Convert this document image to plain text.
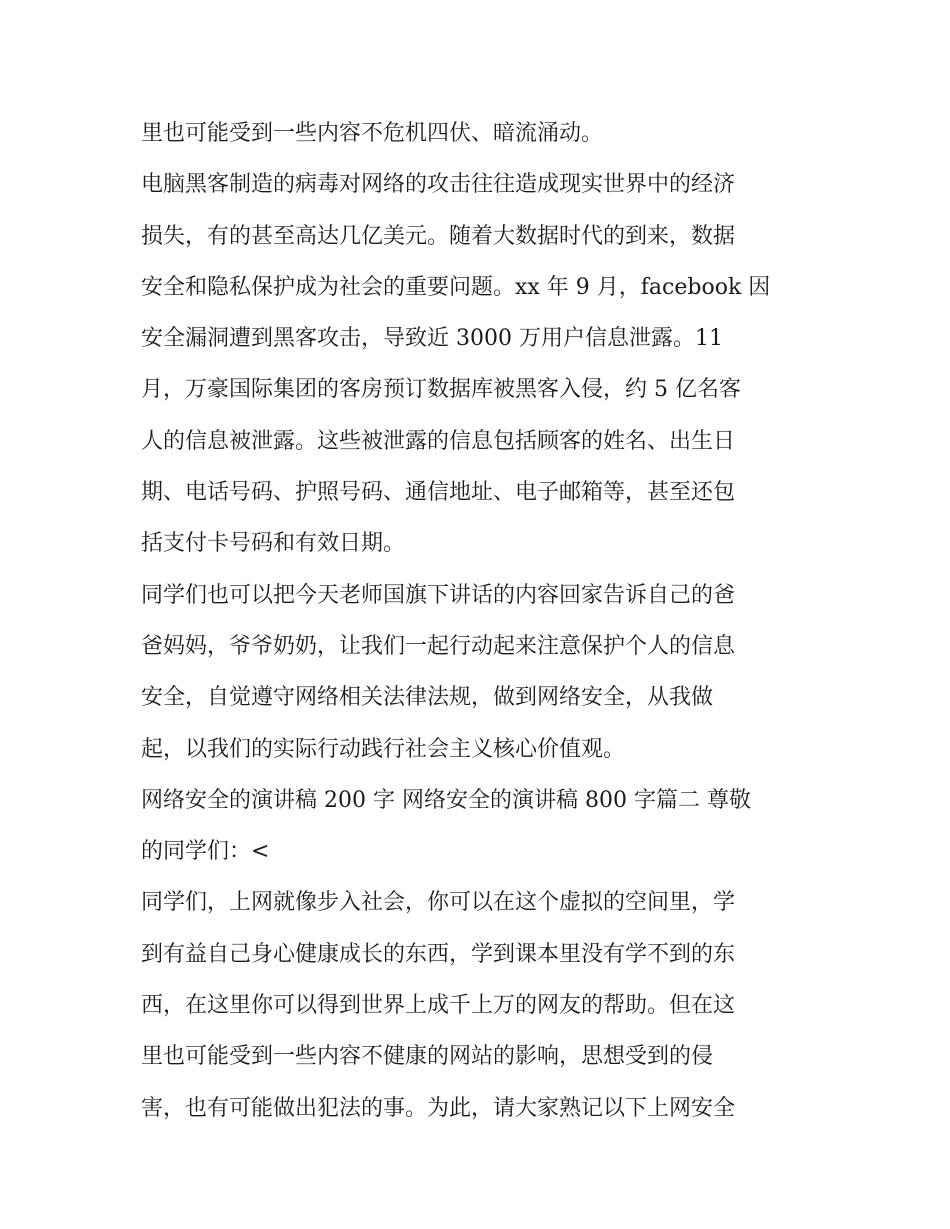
里也可能受到一些内容不危机四伏、暗流涌动。
电脑黑客制造的病毒对网络的攻击往往造成现实世界中的经济
损失，有的甚至高达几亿美元。随着大数据时代的到来，数据
安全和隐私保护成为社会的重要问题。xx 年 9 月，facebook 因
安全漏洞遭到黑客攻击，导致近 3000 万用户信息泄露。11
月，万豪国际集团的客房预订数据库被黑客入侵，约 5 亿名客
人的信息被泄露。这些被泄露的信息包括顾客的姓名、出生日
期、电话号码、护照号码、通信地址、电子邮箱等，甚至还包
括支付卡号码和有效日期。
同学们也可以把今天老师国旗下讲话的内容回家告诉自己的爸
爸妈妈，爷爷奶奶，让我们一起行动起来注意保护个人的信息
安全，自觉遵守网络相关法律法规，做到网络安全，从我做
起，以我们的实际行动践行社会主义核心价值观。
网络安全的演讲稿 200 字 网络安全的演讲稿 800 字篇二 尊敬
的同学们：<
同学们，上网就像步入社会，你可以在这个虚拟的空间里，学
到有益自己身心健康成长的东西，学到课本里没有学不到的东
西，在这里你可以得到世界上成千上万的网友的帮助。但在这
里也可能受到一些内容不健康的网站的影响，思想受到的侵
害，也有可能做出犯法的事。为此，请大家熟记以下上网安全
